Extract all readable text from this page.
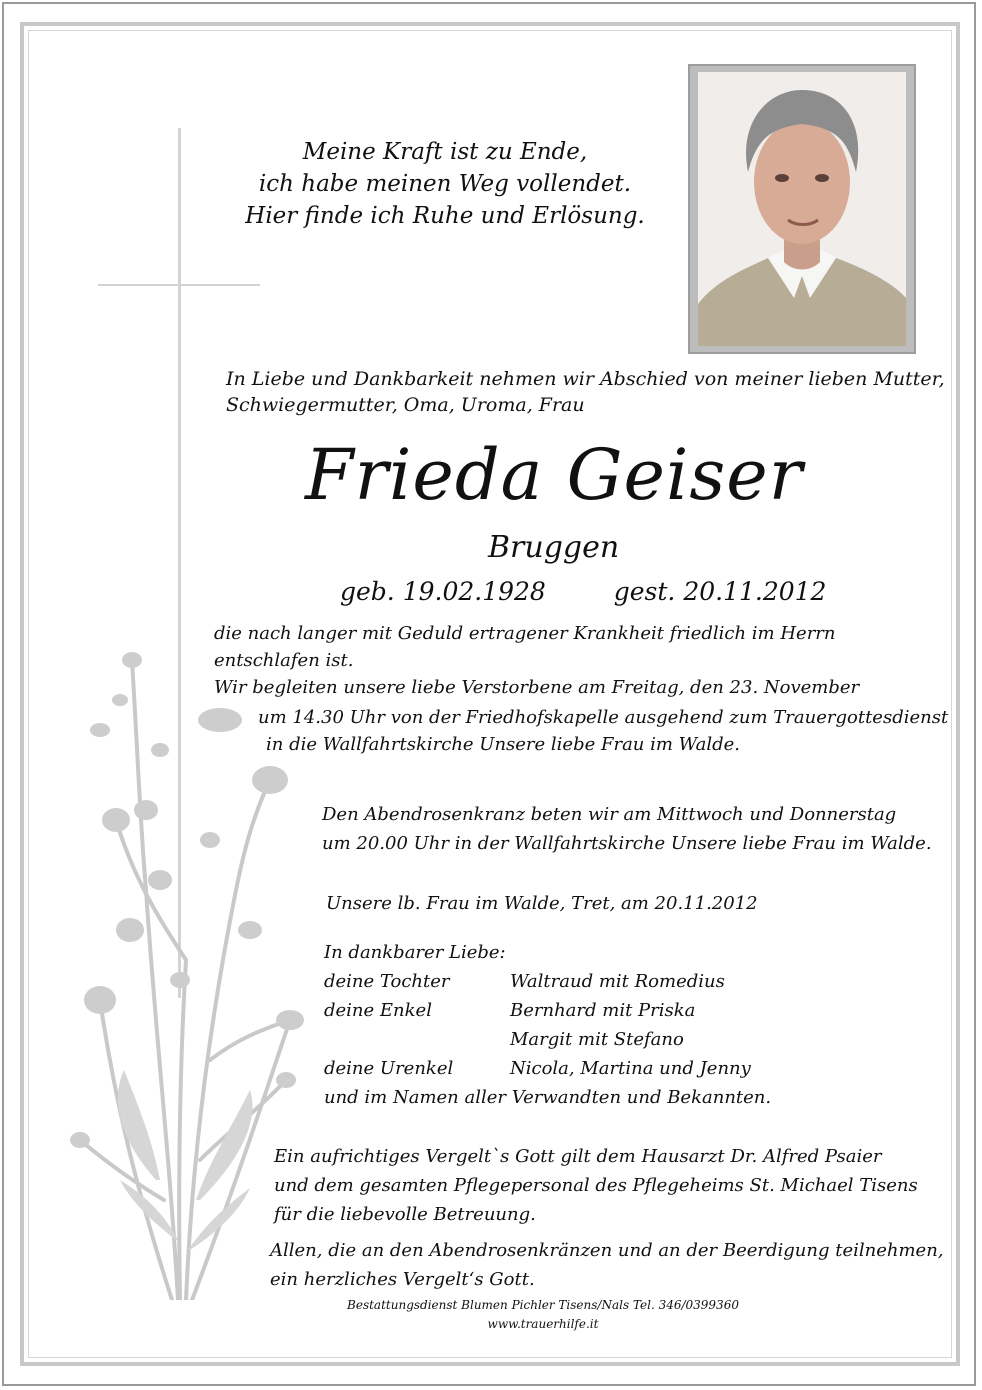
Meine Kraft ist zu Ende,
ich habe meinen Weg vollendet.
Hier finde ich Ruhe und Erlösung.
In Liebe und Dankbarkeit nehmen wir Abschied von meiner lieben Mutter,
Schwiegermutter, Oma, Uroma, Frau
Frieda Geiser
Bruggen
geb. 19.02.1928	gest. 20.11.2012
die nach langer mit Geduld ertragener Krankheit friedlich im Herrn
entschlafen ist.
Wir begleiten unsere liebe Verstorbene am Freitag, den 23. November
um 14.30 Uhr von der Friedhofskapelle ausgehend zum Trauergottesdienst
in die Wallfahrtskirche Unsere liebe Frau im Walde.
Den Abendrosenkranz beten wir am Mittwoch und Donnerstag
um 20.00 Uhr in der Wallfahrtskirche Unsere liebe Frau im Walde.
Unsere lb. Frau im Walde, Tret, am 20.11.2012
In dankbarer Liebe:
deine Tochter	Waltraud mit Romedius
deine Enkel	Bernhard mit Priska
Margit mit Stefano
deine Urenkel	Nicola, Martina und Jenny
und im Namen aller Verwandten und Bekannten.
Ein aufrichtiges Vergelt`s Gott gilt dem Hausarzt Dr. Alfred Psaier
und dem gesamten Pflegepersonal des Pflegeheims St. Michael Tisens
für die liebevolle Betreuung.
Allen, die an den Abendrosenkränzen und an der Beerdigung teilnehmen,
ein herzliches Vergelt‘s Gott.
Bestattungsdienst Blumen Pichler Tisens/Nals Tel. 346/0399360
www.trauerhilfe.it
